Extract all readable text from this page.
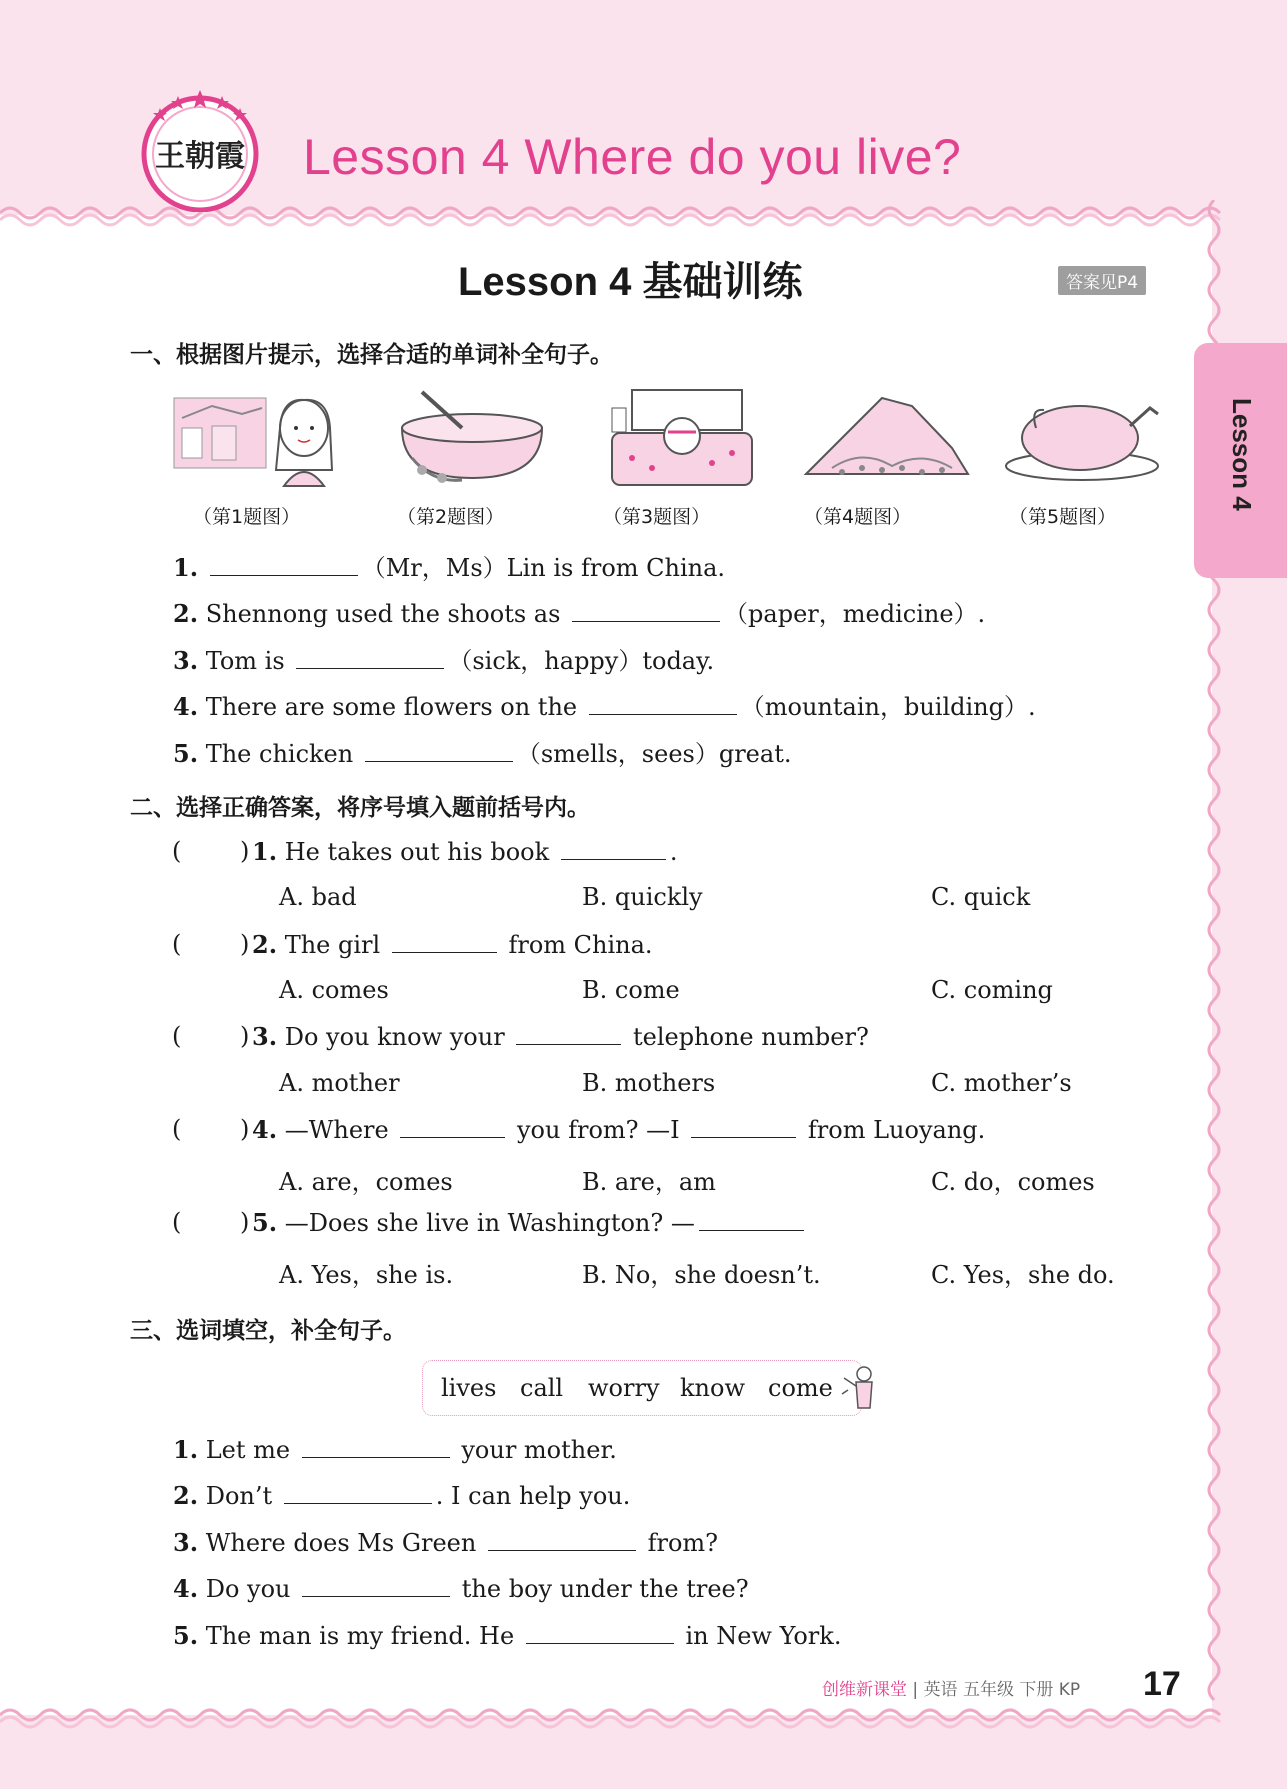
王朝霞 Lesson 4 Where do you live?
Lesson 4 基础训练	答案见P4
Lesson 4
一、根据图片提示，选择合适的单词补全句子。
（第1题图）	（第2题图）	（第3题图）	（第4题图）	（第5题图）
1.	（Mr，Ms）Lin is from China.
2. Shennong used the shoots as	（paper，medicine）.
3. Tom is	（sick，happy）today.
4. There are some flowers on the	（mountain，building）.
5. The chicken	（smells，sees）great.
二、选择正确答案，将序号填入题前括号内。
( ) 1. He takes out his book	.
A. bad	B. quickly	C. quick
( ) 2. The girl	from China.
A. comes	B. come	C. coming
( ) 3. Do you know your	telephone number?
A. mother	B. mothers	C. mother’s
( ) 4. —Where	you from? —I	from Luoyang.
A. are，comes	B. are，am	C. do，comes
( ) 5. —Does she live in Washington? —
A. Yes，she is.	B. No，she doesn’t.	C. Yes，she do.
三、选词填空，补全句子。
lives call worry know come
1. Let me	your mother.
2. Don’t	. I can help you.
3. Where does Ms Green	from?
4. Do you	the boy under the tree?
5. The man is my friend. He	in New York.
创维新课堂 | 英语 五年级 下册 KP 17
